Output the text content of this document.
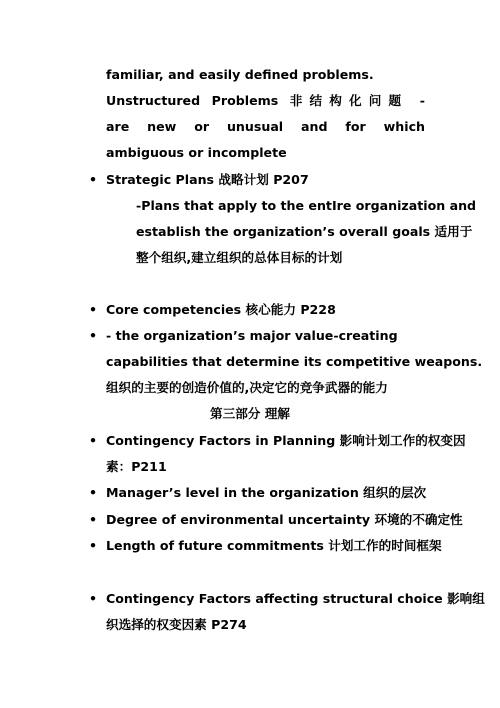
familiar, and easily defined problems.
Unstructured Problems 非结构化问题 -
are new or unusual and for which
ambiguous or incomplete
• Strategic Plans 战略计划 P207
-Plans that apply to the entIre organization and
establish the organization’s overall goals 适用于
整个组织,建立组织的总体目标的计划
• Core competencies 核心能力 P228
• - the organization’s major value-creating
capabilities that determine its competitive weapons.
组织的主要的创造价值的,决定它的竞争武器的能力
第三部分 理解
• Contingency Factors in Planning 影响计划工作的权变因
素：P211
• Manager’s level in the organization 组织的层次
• Degree of environmental uncertainty 环境的不确定性
• Length of future commitments 计划工作的时间框架
• Contingency Factors affecting structural choice 影响组
织选择的权变因素 P274
